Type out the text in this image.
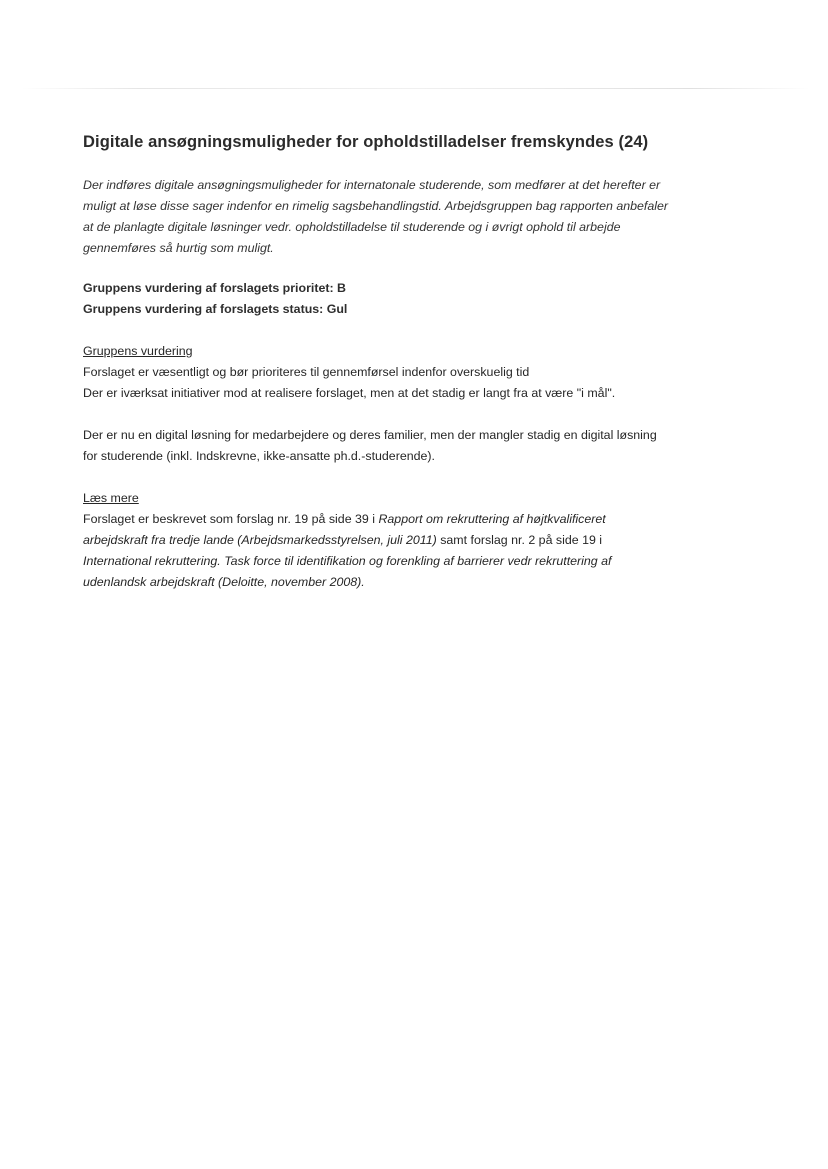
Digitale ansøgningsmuligheder for opholdstilladelser fremskyndes (24)
Der indføres digitale ansøgningsmuligheder for internatonale studerende, som medfører at det herefter er
muligt at løse disse sager indenfor en rimelig sagsbehandlingstid. Arbejdsgruppen bag rapporten anbefaler
at de planlagte digitale løsninger vedr. opholdstilladelse til studerende og i øvrigt ophold til arbejde
gennemføres så hurtig som muligt.
Gruppens vurdering af forslagets prioritet: B
Gruppens vurdering af forslagets status: Gul
Gruppens vurdering
Forslaget er væsentligt og bør prioriteres til gennemførsel indenfor overskuelig tid
Der er iværksat initiativer mod at realisere forslaget, men at det stadig er langt fra at være "i mål".
Der er nu en digital løsning for medarbejdere og deres familier, men der mangler stadig en digital løsning
for studerende (inkl. Indskrevne, ikke-ansatte ph.d.-studerende).
Læs mere
Forslaget er beskrevet som forslag nr. 19 på side 39 i Rapport om rekruttering af højtkvalificeret
arbejdskraft fra tredje lande (Arbejdsmarkedsstyrelsen, juli 2011) samt forslag nr. 2 på side 19 i
International rekruttering. Task force til identifikation og forenkling af barrierer vedr rekruttering af
udenlandsk arbejdskraft (Deloitte, november 2008).
